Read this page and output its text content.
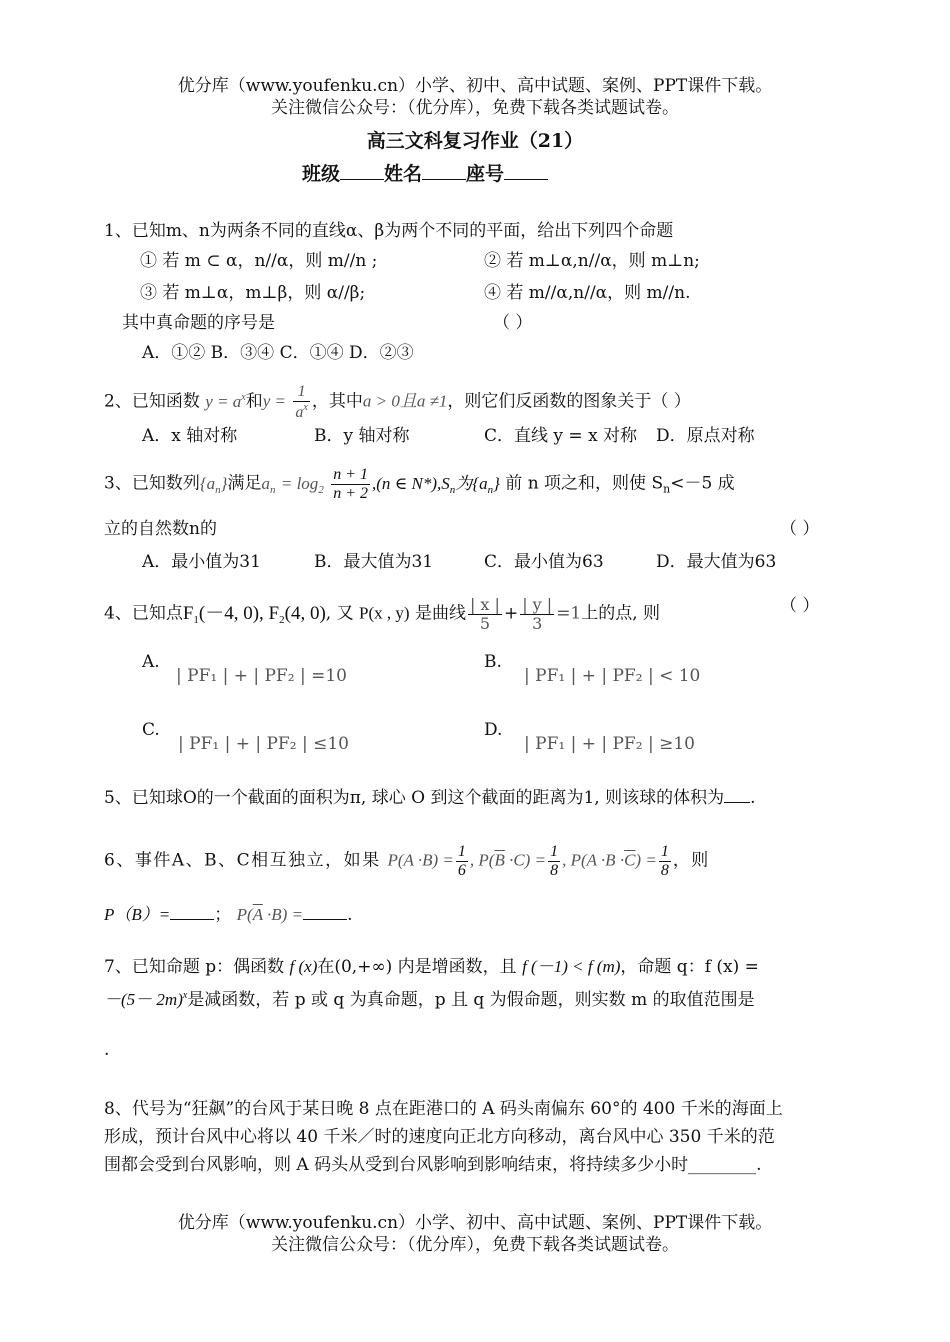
优分库（www.youfenku.cn）小学、初中、高中试题、案例、PPT课件下载。
关注微信公众号：（优分库），免费下载各类试题试卷。
高三文科复习作业（21）
班级 姓名 座号
1、已知m、n为两条不同的直线α、β为两个不同的平面，给出下列四个命题
① 若 m ⊂ α，n//α，则 m//n ;	② 若 m⊥α,n//α，则 m⊥n;
③ 若 m⊥α，m⊥β，则 α//β;	④ 若 m//α,n//α，则 m//n.
其中真命题的序号是	（ ）
A．①② B．③④ C．①④ D．②③
2、已知函数 $y = a^x$和$y = \frac{1}{a^x}$ ，其中a > 0且a ≠1，则它们反函数的图象关于（ ）
A．x 轴对称	B．y 轴对称	C．直线 y = x 对称 D．原点对称
3、已知数列$\{a_n\}$满足$a_n = \log_2 \frac{n + 1}{n + 2} ,(n$ ∈ $N*),S_n$为$\{a_n\}$ 前 n 项之和，则使 $S_n<-5$ 成
立的自然数n的	（ ）
A．最小值为31	B．最大值为31	C．最小值为63	D．最大值为63
4、已知点$F_1(-4$, 0), $F_2(4$, 0), 又 P(x , y) 是曲线 $\frac{| x |}{5} + \frac{| y |}{3} =1$上的点, 则	（ ）
A.
| PF₁ | + | PF₂ | =10
B.
| PF₁ | + | PF₂ | < 10
C.
| PF₁ | + | PF₂ | ≤10
D.
| PF₁ | + | PF₂ | ≥10
5、已知球O的一个截面的面积为π, 球心 O 到这个截面的距离为1, 则该球的体积为 .
6、事件A、B、C相互独立，如果 $P(A \cdot B) = \frac{1}{6}$ , $P(\overline{B} \cdot C) = \frac{1}{8}$ , $P(A \cdot B \cdot\overline{C}) = \frac{1}{8}$ ，则
P（B）=	； $P(\overline{A} \cdot B)$ =	.
7、已知命题 p：偶函数 f (x)在(0,+∞) 内是增函数，且 f (－1) < f (m)，命题 q：f (x) =
$-(5- 2m)^x$是减函数，若 p 或 q 为真命题，p 且 q 为假命题，则实数 m 的取值范围是
.
8、代号为“狂飙”的台风于某日晚 8 点在距港口的 A 码头南偏东 60°的 400 千米的海面上
形成，预计台风中心将以 40 千米／时的速度向正北方向移动，离台风中心 350 千米的范
围都会受到台风影响，则 A 码头从受到台风影响到影响结束，将持续多少小时________.
优分库（www.youfenku.cn）小学、初中、高中试题、案例、PPT课件下载。
关注微信公众号：（优分库），免费下载各类试题试卷。
